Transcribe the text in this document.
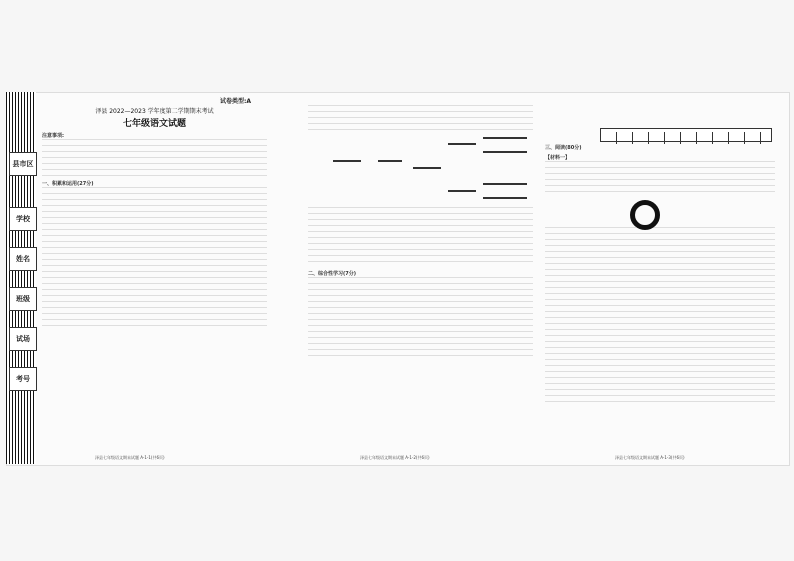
县市区
学校
姓名
班级
试场
考号
试卷类型:A

泽县 2022—2023 学年度第二学期期末考试

七年级语文试题

注意事项:

一、积累和运用(27分)

二、综合性学习(7分)

三、阅读(80分)

【材料一】

泽县七年级语文期末试题 A-1-1(共6页)	泽县七年级语文期末试题 A-1-2(共6页)	泽县七年级语文期末试题 A-1-3(共6页)
